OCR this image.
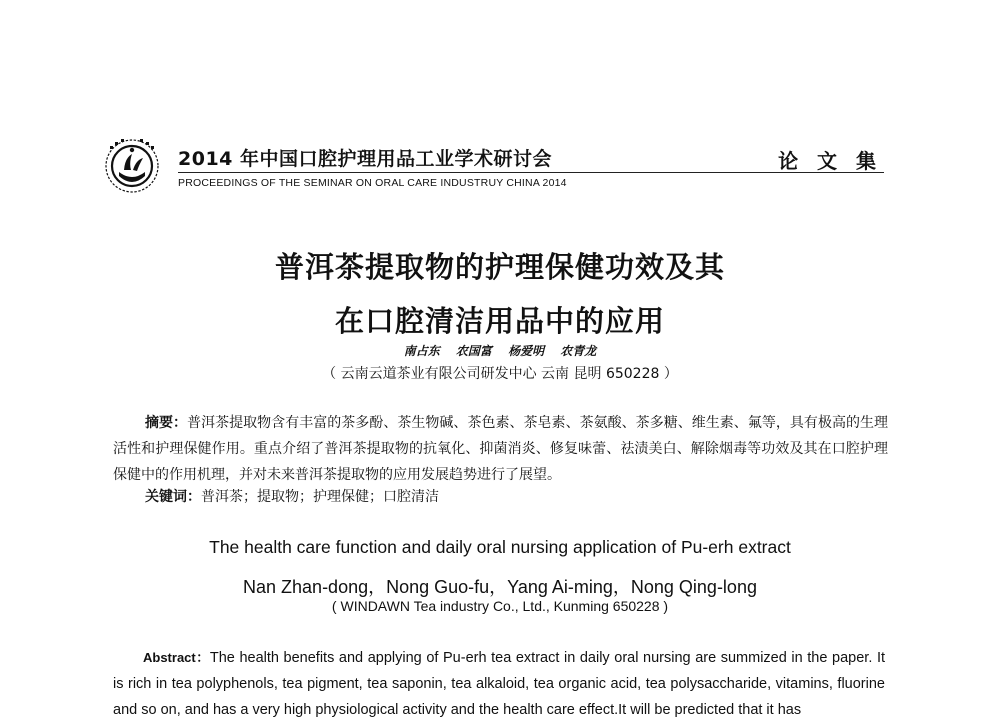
2014 年中国口腔护理用品工业学术研讨会
PROCEEDINGS OF THE SEMINAR ON ORAL CARE INDUSTRUY CHINA 2014
论 文 集
普洱茶提取物的护理保健功效及其
在口腔清洁用品中的应用
南占东 农国富 杨爱明 农青龙
（ 云南云道茶业有限公司研发中心 云南 昆明 650228 ）

摘要：普洱茶提取物含有丰富的茶多酚、茶生物碱、茶色素、茶皂素、茶氨酸、茶多糖、维生素、氟等，具有极高的生理活性和护理保健作用。重点介绍了普洱茶提取物的抗氧化、抑菌消炎、修复味蕾、祛渍美白、解除烟毒等功效及其在口腔护理保健中的作用机理，并对未来普洱茶提取物的应用发展趋势进行了展望。

关键词：普洱茶；提取物；护理保健；口腔清洁
The health care function and daily oral nursing application of Pu-erh extract
Nan Zhan-dong，Nong Guo-fu，Yang Ai-ming，Nong Qing-long
( WINDAWN Tea industry Co., Ltd., Kunming 650228 )

Abstract：The health benefits and applying of Pu-erh tea extract in daily oral nursing are summized in the paper. It is rich in tea polyphenols, tea pigment, tea saponin, tea alkaloid, tea organic acid, tea polysaccharide, vitamins, fluorine and so on, and has a very high physiological activity and the health care effect.It will be predicted that it has
